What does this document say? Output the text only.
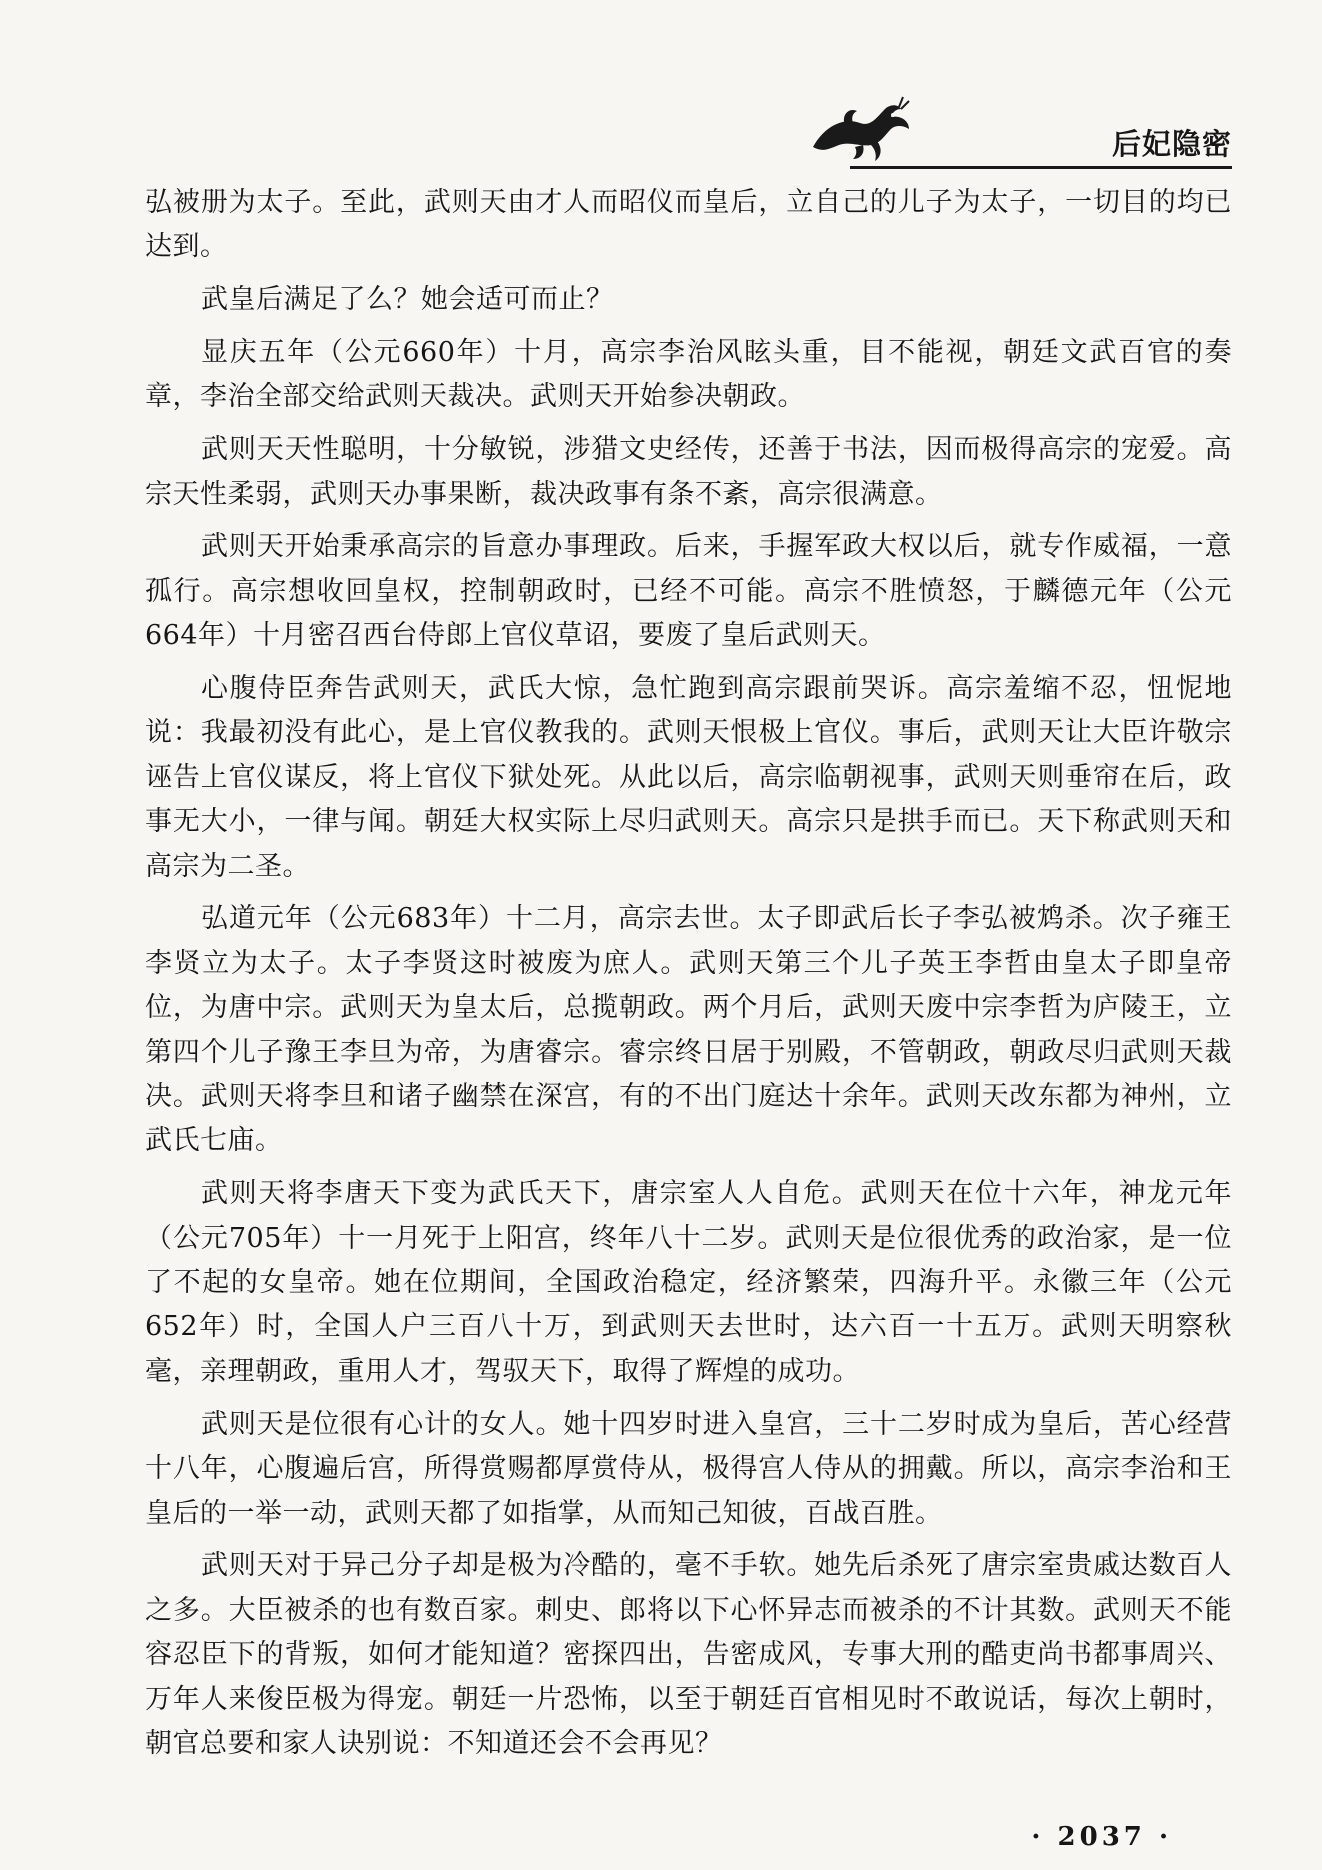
后妃隐密

弘被册为太子。至此，武则天由才人而昭仪而皇后，立自己的儿子为太子，一切目的均已达到。

武皇后满足了么？她会适可而止？

显庆五年（公元660年）十月，高宗李治风眩头重，目不能视，朝廷文武百官的奏章，李治全部交给武则天裁决。武则天开始参决朝政。

武则天天性聪明，十分敏锐，涉猎文史经传，还善于书法，因而极得高宗的宠爱。高宗天性柔弱，武则天办事果断，裁决政事有条不紊，高宗很满意。

武则天开始秉承高宗的旨意办事理政。后来，手握军政大权以后，就专作威福，一意孤行。高宗想收回皇权，控制朝政时，已经不可能。高宗不胜愤怒，于麟德元年（公元664年）十月密召西台侍郎上官仪草诏，要废了皇后武则天。

心腹侍臣奔告武则天，武氏大惊，急忙跑到高宗跟前哭诉。高宗羞缩不忍，忸怩地说：我最初没有此心，是上官仪教我的。武则天恨极上官仪。事后，武则天让大臣许敬宗诬告上官仪谋反，将上官仪下狱处死。从此以后，高宗临朝视事，武则天则垂帘在后，政事无大小，一律与闻。朝廷大权实际上尽归武则天。高宗只是拱手而已。天下称武则天和高宗为二圣。

弘道元年（公元683年）十二月，高宗去世。太子即武后长子李弘被鸩杀。次子雍王李贤立为太子。太子李贤这时被废为庶人。武则天第三个儿子英王李哲由皇太子即皇帝位，为唐中宗。武则天为皇太后，总揽朝政。两个月后，武则天废中宗李哲为庐陵王，立第四个儿子豫王李旦为帝，为唐睿宗。睿宗终日居于别殿，不管朝政，朝政尽归武则天裁决。武则天将李旦和诸子幽禁在深宫，有的不出门庭达十余年。武则天改东都为神州，立武氏七庙。

武则天将李唐天下变为武氏天下，唐宗室人人自危。武则天在位十六年，神龙元年（公元705年）十一月死于上阳宫，终年八十二岁。武则天是位很优秀的政治家，是一位了不起的女皇帝。她在位期间，全国政治稳定，经济繁荣，四海升平。永徽三年（公元652年）时，全国人户三百八十万，到武则天去世时，达六百一十五万。武则天明察秋毫，亲理朝政，重用人才，驾驭天下，取得了辉煌的成功。

武则天是位很有心计的女人。她十四岁时进入皇宫，三十二岁时成为皇后，苦心经营十八年，心腹遍后宫，所得赏赐都厚赏侍从，极得宫人侍从的拥戴。所以，高宗李治和王皇后的一举一动，武则天都了如指掌，从而知己知彼，百战百胜。

武则天对于异己分子却是极为冷酷的，毫不手软。她先后杀死了唐宗室贵戚达数百人之多。大臣被杀的也有数百家。刺史、郎将以下心怀异志而被杀的不计其数。武则天不能容忍臣下的背叛，如何才能知道？密探四出，告密成风，专事大刑的酷吏尚书都事周兴、万年人来俊臣极为得宠。朝廷一片恐怖，以至于朝廷百官相见时不敢说话，每次上朝时，朝官总要和家人诀别说：不知道还会不会再见？

· 2037 ·
